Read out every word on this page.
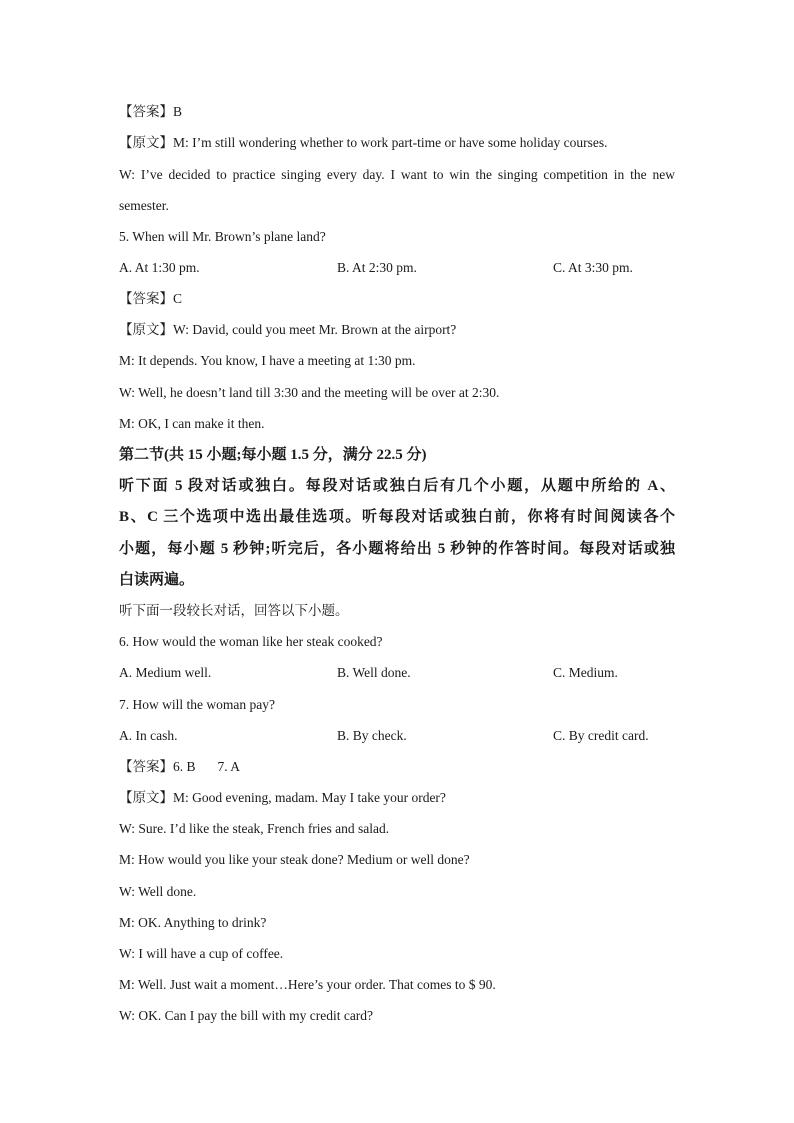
【答案】B
【原文】M: I’m still wondering whether to work part-time or have some holiday courses.
W: I’ve decided to practice singing every day. I want to win the singing competition in the new
semester.
5. When will Mr. Brown’s plane land?
A. At 1:30 pm.	B. At 2:30 pm.	C. At 3:30 pm.
【答案】C
【原文】W: David, could you meet Mr. Brown at the airport?
M: It depends. You know, I have a meeting at 1:30 pm.
W: Well, he doesn’t land till 3:30 and the meeting will be over at 2:30.
M: OK, I can make it then.
第二节(共 15 小题;每小题 1.5 分，满分 22.5 分)
听下面 5 段对话或独白。每段对话或独白后有几个小题，从题中所给的 A、
B、C 三个选项中选出最佳选项。听每段对话或独白前，你将有时间阅读各个
小题，每小题 5 秒钟;听完后，各小题将给出 5 秒钟的作答时间。每段对话或独
白读两遍。
听下面一段较长对话，回答以下小题。
6. How would the woman like her steak cooked?
A. Medium well.	B. Well done.	C. Medium.
7. How will the woman pay?
A. In cash.	B. By check.	C. By credit card.
【答案】6. B 7. A
【原文】M: Good evening, madam. May I take your order?
W: Sure. I’d like the steak, French fries and salad.
M: How would you like your steak done? Medium or well done?
W: Well done.
M: OK. Anything to drink?
W: I will have a cup of coffee.
M: Well. Just wait a moment…Here’s your order. That comes to $ 90.
W: OK. Can I pay the bill with my credit card?
